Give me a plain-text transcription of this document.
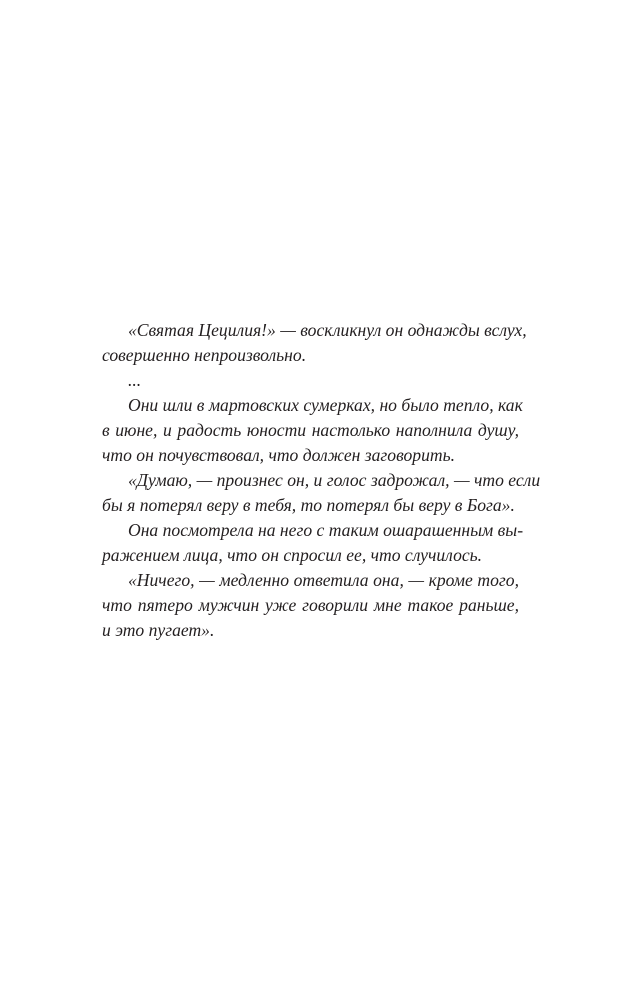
«Святая Цецилия!» — воскликнул он однажды вслух,
совершенно непроизвольно.
...
Они шли в мартовских сумерках, но было тепло, как
в июне, и радость юности настолько наполнила душу,
что он почувствовал, что должен заговорить.
«Думаю, — произнес он, и голос задрожал, — что если
бы я потерял веру в тебя, то потерял бы веру в Бога».
Она посмотрела на него с таким ошарашенным вы-
ражением лица, что он спросил ее, что случилось.
«Ничего, — медленно ответила она, — кроме того,
что пятеро мужчин уже говорили мне такое раньше,
и это пугает».
